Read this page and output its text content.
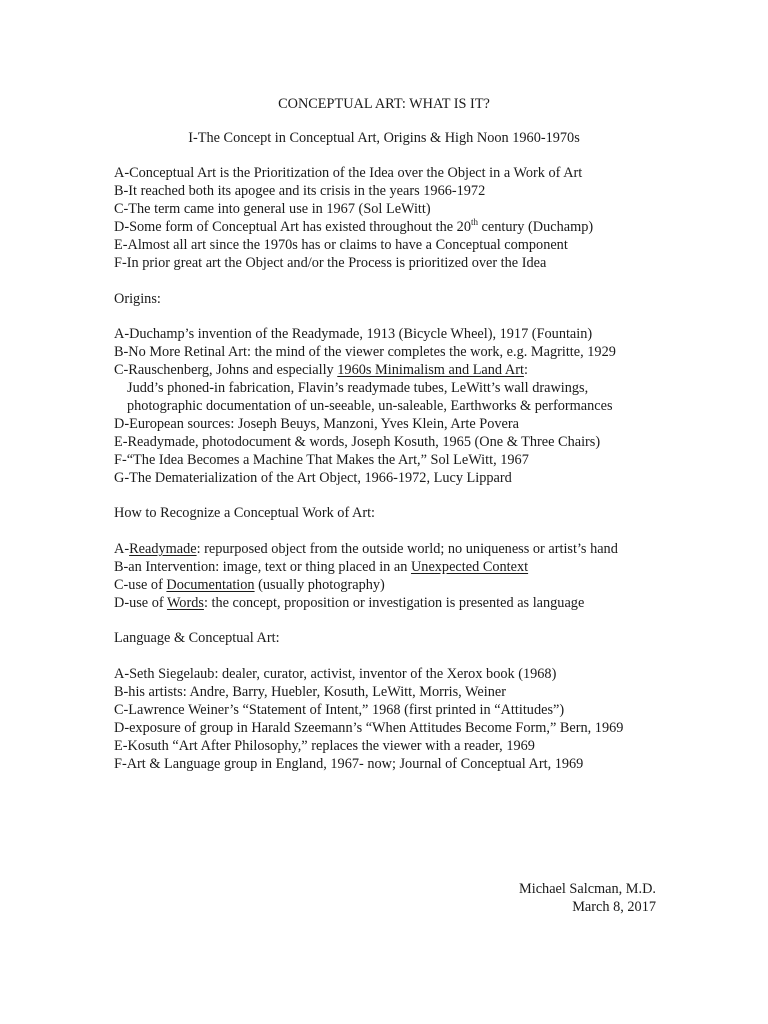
CONCEPTUAL ART: WHAT IS IT?
I-The Concept in Conceptual Art, Origins & High Noon 1960-1970s
A-Conceptual Art is the Prioritization of the Idea over the Object in a Work of Art
B-It reached both its apogee and its crisis in the years 1966-1972
C-The term came into general use in 1967 (Sol LeWitt)
D-Some form of Conceptual Art has existed throughout the 20th century (Duchamp)
E-Almost all art since the 1970s has or claims to have a Conceptual component
F-In prior great art the Object and/or the Process is prioritized over the Idea
Origins:
A-Duchamp’s invention of the Readymade, 1913 (Bicycle Wheel), 1917 (Fountain)
B-No More Retinal Art: the mind of the viewer completes the work, e.g. Magritte, 1929
C-Rauschenberg, Johns and especially 1960s Minimalism and Land Art:
Judd’s phoned-in fabrication, Flavin’s readymade tubes, LeWitt’s wall drawings,
photographic documentation of un-seeable, un-saleable, Earthworks & performances
D-European sources: Joseph Beuys, Manzoni, Yves Klein, Arte Povera
E-Readymade, photodocument & words, Joseph Kosuth, 1965 (One & Three Chairs)
F-“The Idea Becomes a Machine That Makes the Art,” Sol LeWitt, 1967
G-The Dematerialization of the Art Object, 1966-1972, Lucy Lippard
How to Recognize a Conceptual Work of Art:
A-Readymade: repurposed object from the outside world; no uniqueness or artist’s hand
B-an Intervention: image, text or thing placed in an Unexpected Context
C-use of Documentation (usually photography)
D-use of Words: the concept, proposition or investigation is presented as language
Language & Conceptual Art:
A-Seth Siegelaub: dealer, curator, activist, inventor of the Xerox book (1968)
B-his artists: Andre, Barry, Huebler, Kosuth, LeWitt, Morris, Weiner
C-Lawrence Weiner’s “Statement of Intent,” 1968 (first printed in “Attitudes”)
D-exposure of group in Harald Szeemann’s “When Attitudes Become Form,” Bern, 1969
E-Kosuth “Art After Philosophy,” replaces the viewer with a reader, 1969
F-Art & Language group in England, 1967- now; Journal of Conceptual Art, 1969
Michael Salcman, M.D.
March 8, 2017
